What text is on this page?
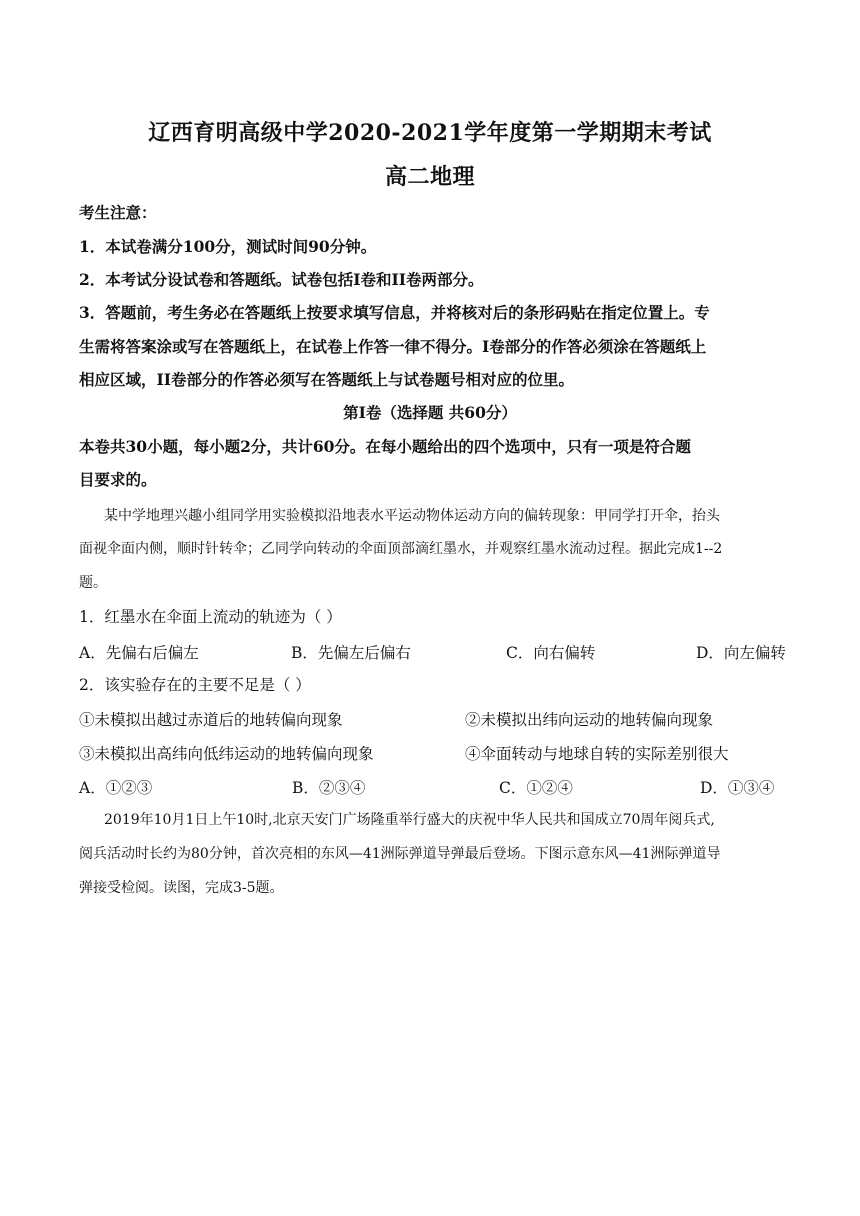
辽西育明高级中学2020-2021学年度第一学期期末考试
高二地理
考生注意：
1．本试卷满分100分，测试时间90分钟。
2．本考试分设试卷和答题纸。试卷包括I卷和II卷两部分。
3．答题前，考生务必在答题纸上按要求填写信息，并将核对后的条形码贴在指定位置上。专
生需将答案涂或写在答题纸上，在试卷上作答一律不得分。I卷部分的作答必须涂在答题纸上
相应区域，II卷部分的作答必须写在答题纸上与试卷题号相对应的位里。
第I卷（选择题 共60分）
本卷共30小题，每小题2分，共计60分。在每小题给出的四个选项中，只有一项是符合题
目要求的。
某中学地理兴趣小组同学用实验模拟沿地表水平运动物体运动方向的偏转现象：甲同学打开伞，抬头
面视伞面内侧，顺时针转伞；乙同学向转动的伞面顶部滴红墨水，并观察红墨水流动过程。据此完成1--2
题。
1．红墨水在伞面上流动的轨迹为（ ）
A．先偏右后偏左	B．先偏左后偏右	C．向右偏转	D．向左偏转
2．该实验存在的主要不足是（ ）
①未模拟出越过赤道后的地转偏向现象	②未模拟出纬向运动的地转偏向现象
③未模拟出高纬向低纬运动的地转偏向现象	④伞面转动与地球自转的实际差别很大
A．①②③	B．②③④	C．①②④	D．①③④
2019年10月1日上午10时,北京天安门广场隆重举行盛大的庆祝中华人民共和国成立70周年阅兵式,
阅兵活动时长约为80分钟，首次亮相的东风—41洲际弹道导弹最后登场。下图示意东风—41洲际弹道导
弹接受检阅。读图，完成3-5题。
